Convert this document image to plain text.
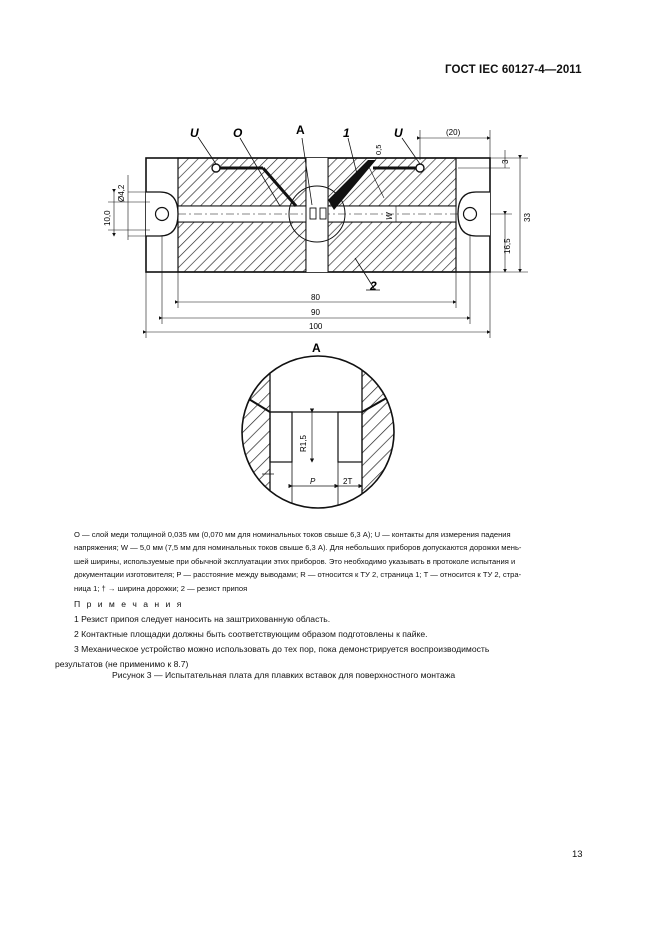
ГОСТ IEC 60127-4—2011
U	O	A	1	U
2
W
0,5
(20)
3
33
16,5
Ø4,2
10,0
80
90
100
A
R1,5
P	2T
O — слой меди толщиной 0,035 мм (0,070 мм для номинальных токов свыше 6,3 A); U — контакты для измерения падения
напряжения; W — 5,0 мм (7,5 мм для номинальных токов свыше 6,3 A). Для небольших приборов допускаются дорожки мень-
шей ширины, используемые при обычной эксплуатации этих приборов. Это необходимо указывать в протоколе испытания и
документации изготовителя; P — расстояние между выводами; R — относится к ТУ 2, страница 1; T — относится к ТУ 2, стра-
ница 1; † → ширина дорожки; 2 — резист припоя
П р и м е ч а н и я
1 Резист припоя следует наносить на заштрихованную область.
2 Контактные площадки должны быть соответствующим образом подготовлены к пайке.
3 Механическое устройство можно использовать до тех пор, пока демонстрируется воспроизводимость
результатов (не применимо к 8.7)
Рисунок 3 — Испытательная плата для плавких вставок для поверхностного монтажа
13
